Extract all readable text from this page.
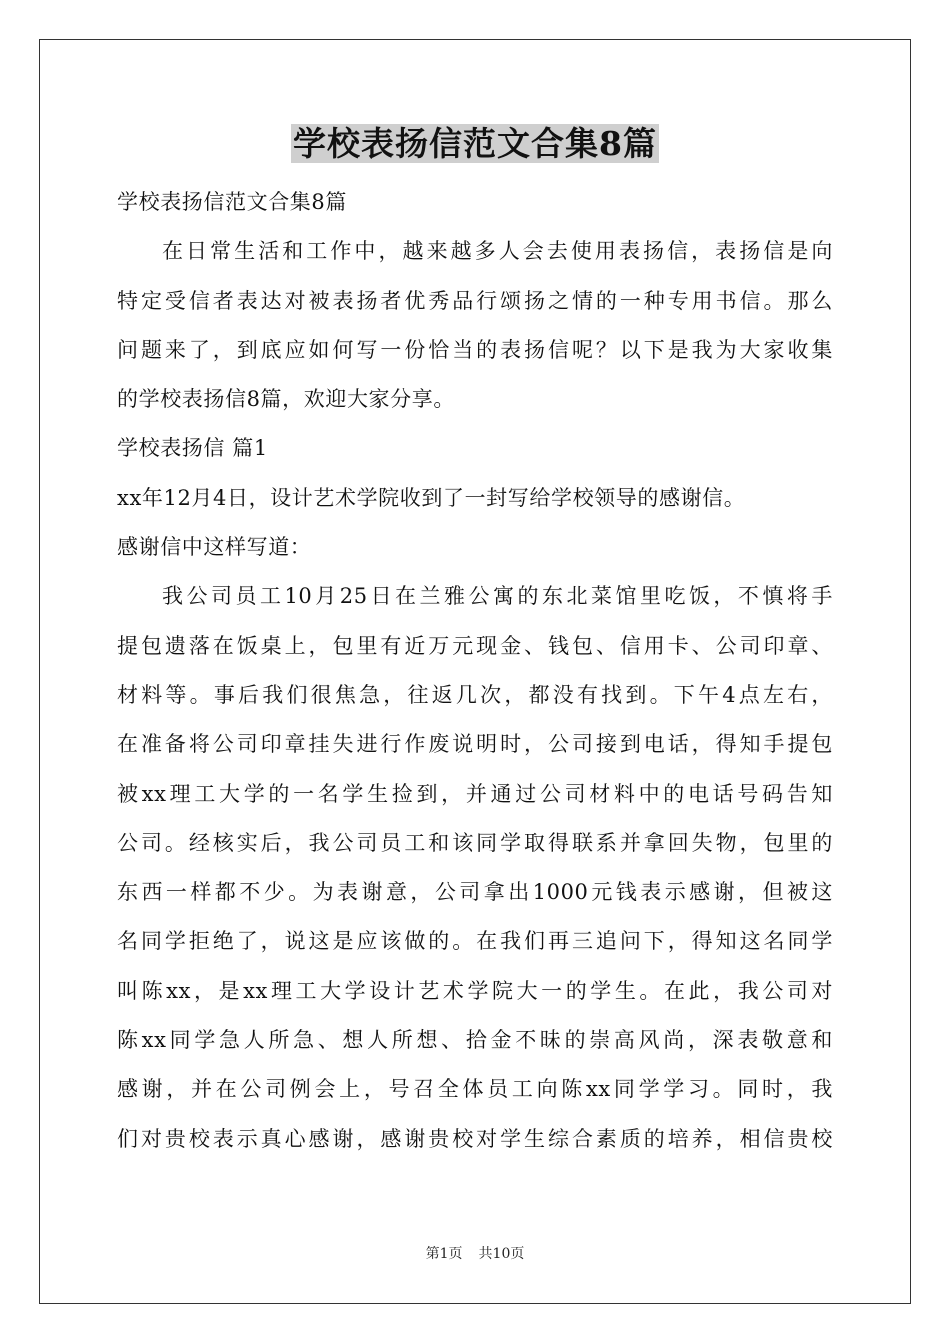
学校表扬信范文合集8篇
学校表扬信范文合集8篇
在日常生活和工作中，越来越多人会去使用表扬信，表扬信是向
特定受信者表达对被表扬者优秀品行颂扬之情的一种专用书信。那么
问题来了，到底应如何写一份恰当的表扬信呢？以下是我为大家收集
的学校表扬信8篇，欢迎大家分享。
学校表扬信 篇1
xx年12月4日，设计艺术学院收到了一封写给学校领导的感谢信。
感谢信中这样写道：
我公司员工10月25日在兰雅公寓的东北菜馆里吃饭，不慎将手
提包遗落在饭桌上，包里有近万元现金、钱包、信用卡、公司印章、
材料等。事后我们很焦急，往返几次，都没有找到。下午4点左右，
在准备将公司印章挂失进行作废说明时，公司接到电话，得知手提包
被xx理工大学的一名学生捡到，并通过公司材料中的电话号码告知
公司。经核实后，我公司员工和该同学取得联系并拿回失物，包里的
东西一样都不少。为表谢意，公司拿出1000元钱表示感谢，但被这
名同学拒绝了，说这是应该做的。在我们再三追问下，得知这名同学
叫陈xx，是xx理工大学设计艺术学院大一的学生。在此，我公司对
陈xx同学急人所急、想人所想、拾金不昧的崇高风尚，深表敬意和
感谢，并在公司例会上，号召全体员工向陈xx同学学习。同时，我
们对贵校表示真心感谢，感谢贵校对学生综合素质的培养，相信贵校
第1页 共10页
